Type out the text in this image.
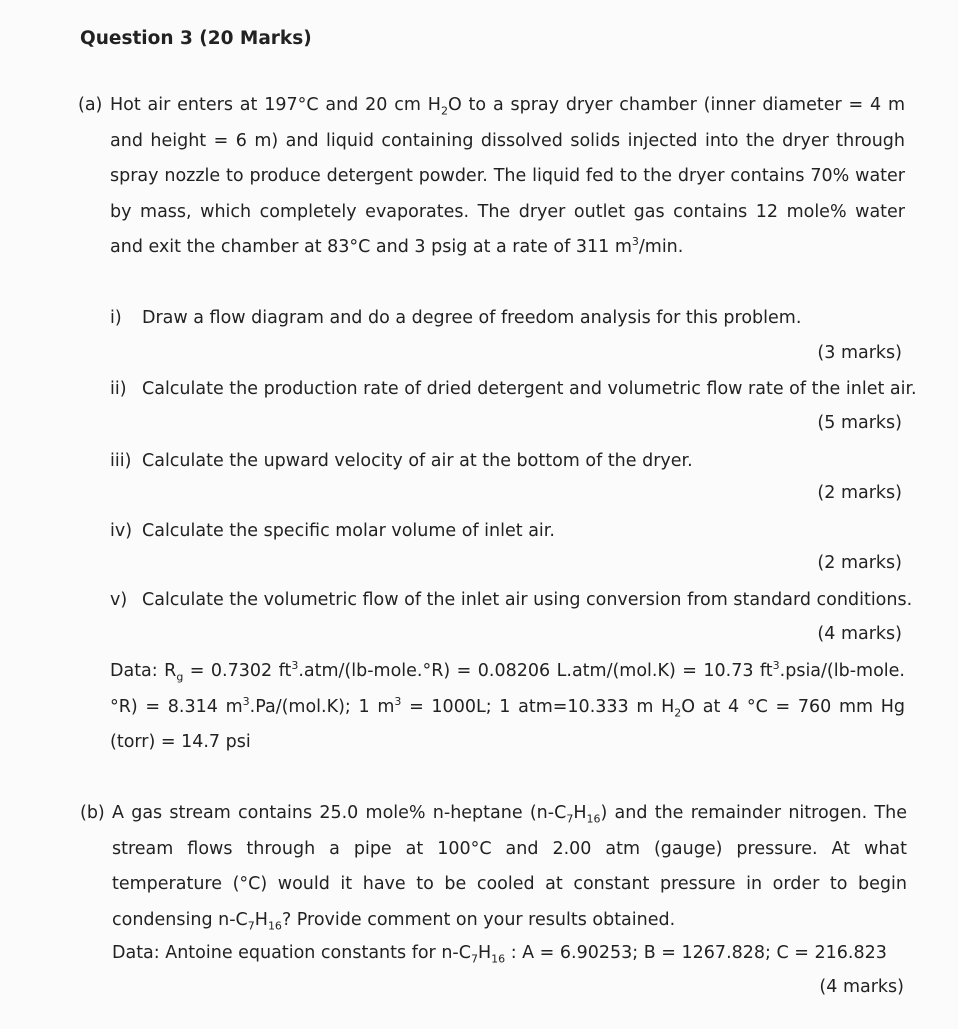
Question 3 (20 Marks)
(a) Hot air enters at 197°C and 20 cm $H_2O$ to a spray dryer chamber (inner diameter = 4 m and height = 6 m) and liquid containing dissolved solids injected into the dryer through spray nozzle to produce detergent powder. The liquid fed to the dryer contains 70% water by mass, which completely evaporates. The dryer outlet gas contains 12 mole% water and exit the chamber at 83°C and 3 psig at a rate of 311 $m^3/\min$.
i) Draw a flow diagram and do a degree of freedom analysis for this problem.
(3 marks)
ii) Calculate the production rate of dried detergent and volumetric flow rate of the inlet air.
(5 marks)
iii) Calculate the upward velocity of air at the bottom of the dryer.
(2 marks)
iv) Calculate the specific molar volume of inlet air.
(2 marks)
v) Calculate the volumetric flow of the inlet air using conversion from standard conditions.
(4 marks)
Data: $R_g = 0.7302$ $ft^3.atm/(lb-mole.^\circ R) = 0.08206$ L.atm/(mol.K) = 10.73 $ft^3.psia/(lb-mole.^\circ R) = 8.314$ $m^3.Pa/(mol.K)$; 1 $m^3 = 1000L$; 1 atm=10.333 m $H_2O$ at 4 °C = 760 mm Hg (torr) = 14.7 psi
(b) A gas stream contains 25.0 mole% n-heptane $(n-C_7H_{16})$ and the remainder nitrogen. The stream flows through a pipe at 100°C and 2.00 atm (gauge) pressure. At what temperature (°C) would it have to be cooled at constant pressure in order to begin condensing $n-C_7H_{16}$? Provide comment on your results obtained.
Data: Antoine equation constants for $n-C_7H_{16}$ : A = 6.90253; B = 1267.828; C = 216.823
(4 marks)
